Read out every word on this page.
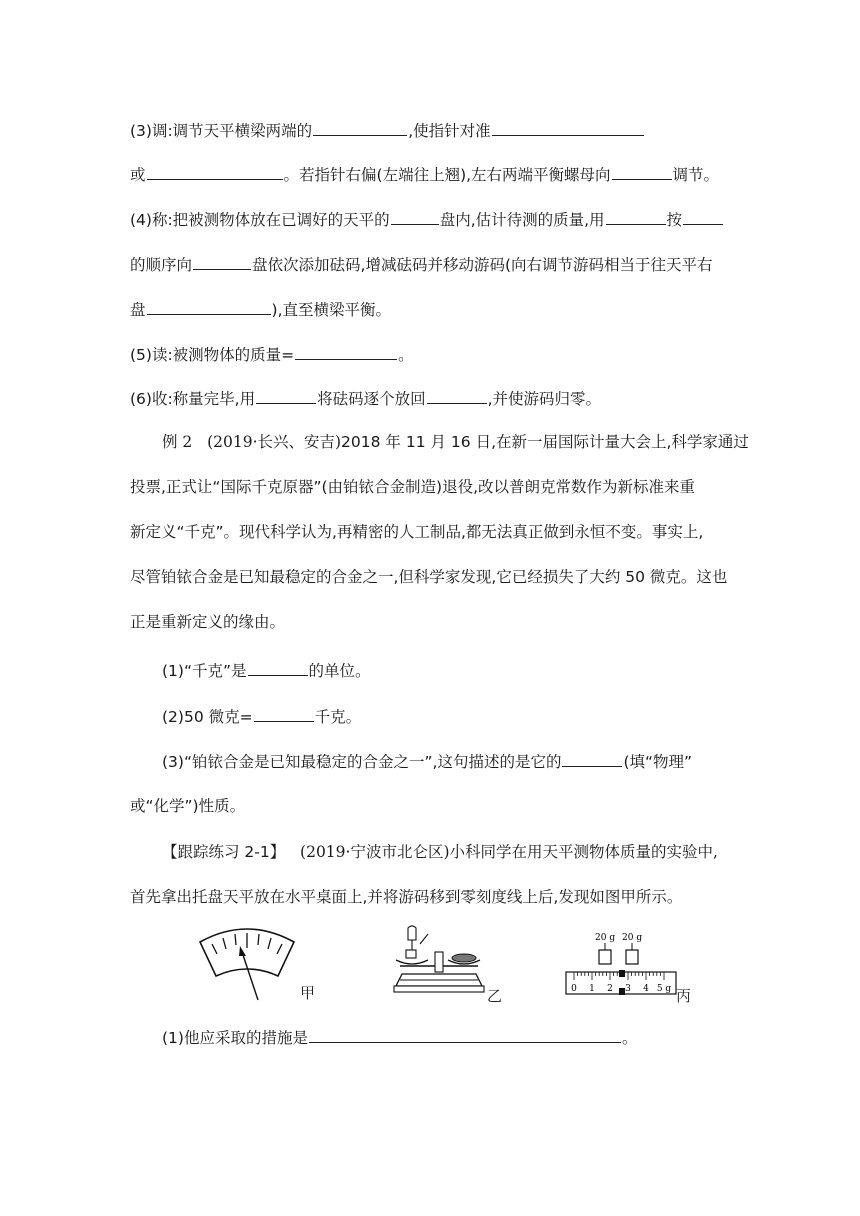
(3)调:调节天平横梁两端的	,使指针对准
或	。若指针右偏(左端往上翘),左右两端平衡螺母向	调节。
(4)称:把被测物体放在已调好的天平的	盘内,估计待测的质量,用	按
的顺序向	盘依次添加砝码,增减砝码并移动游码(向右调节游码相当于往天平右
盘	),直至横梁平衡。
(5)读:被测物体的质量=	。
(6)收:称量完毕,用	将砝码逐个放回	,并使游码归零。
例 2 (2019·长兴、安吉)2018 年 11 月 16 日,在新一届国际计量大会上,科学家通过
投票,正式让“国际千克原器”(由铂铱合金制造)退役,改以普朗克常数作为新标准来重
新定义“千克”。现代科学认为,再精密的人工制品,都无法真正做到永恒不变。事实上,
尽管铂铱合金是已知最稳定的合金之一,但科学家发现,它已经损失了大约 50 微克。这也
正是重新定义的缘由。
(1)“千克”是	的单位。
(2)50 微克=	千克。
(3)“铂铱合金是已知最稳定的合金之一”,这句描述的是它的	(填“物理”
或“化学”)性质。
【跟踪练习 2-1】 (2019·宁波市北仑区)小科同学在用天平测物体质量的实验中,
首先拿出托盘天平放在水平桌面上,并将游码移到零刻度线上后,发现如图甲所示。
甲	乙
20 g 20 g
0 1 2 3 4 5 g 丙
(1)他应采取的措施是	。
